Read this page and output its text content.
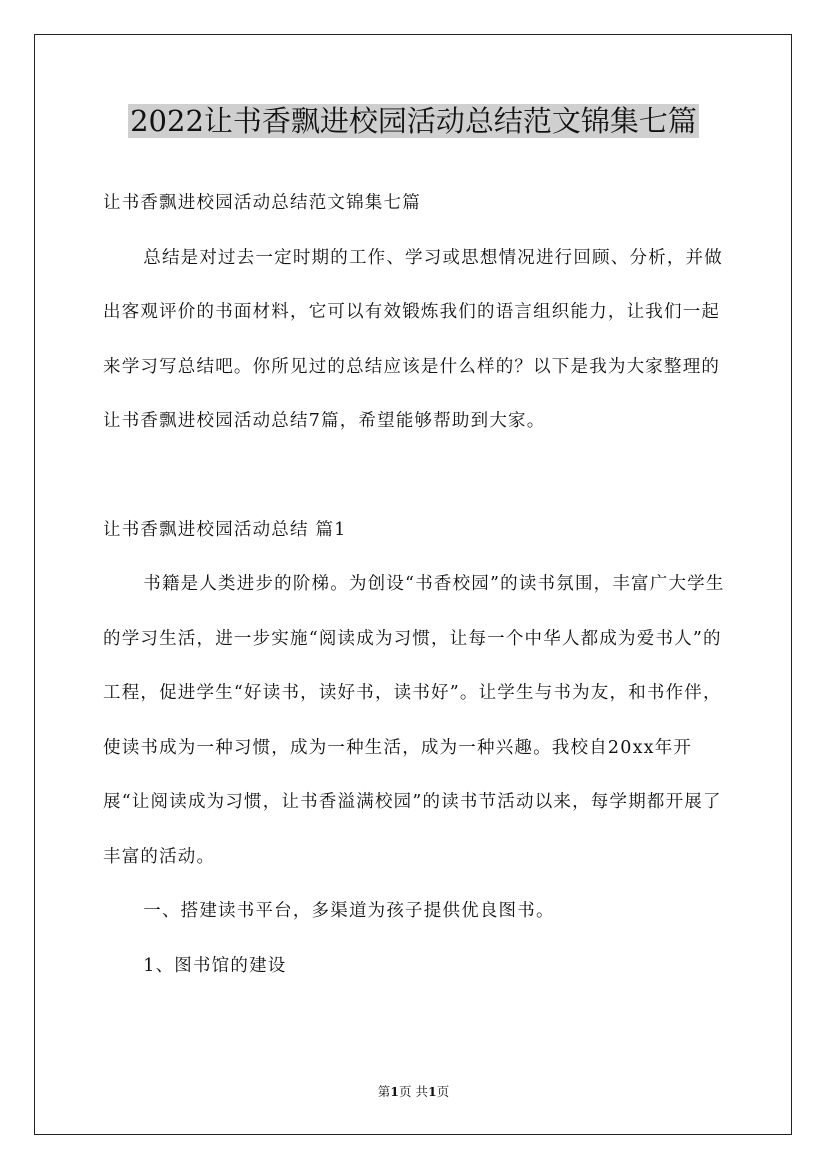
2022让书香飘进校园活动总结范文锦集七篇

让书香飘进校园活动总结范文锦集七篇

总结是对过去一定时期的工作、学习或思想情况进行回顾、分析，并做出客观评价的书面材料，它可以有效锻炼我们的语言组织能力，让我们一起来学习写总结吧。你所见过的总结应该是什么样的？以下是我为大家整理的让书香飘进校园活动总结7篇，希望能够帮助到大家。

让书香飘进校园活动总结 篇1

书籍是人类进步的阶梯。为创设“书香校园”的读书氛围，丰富广大学生的学习生活，进一步实施“阅读成为习惯，让每一个中华人都成为爱书人”的工程，促进学生“好读书，读好书，读书好”。让学生与书为友，和书作伴，使读书成为一种习惯，成为一种生活，成为一种兴趣。我校自20xx年开展“让阅读成为习惯，让书香溢满校园”的读书节活动以来，每学期都开展了丰富的活动。

一、搭建读书平台，多渠道为孩子提供优良图书。

1、图书馆的建设

第1页 共1页
